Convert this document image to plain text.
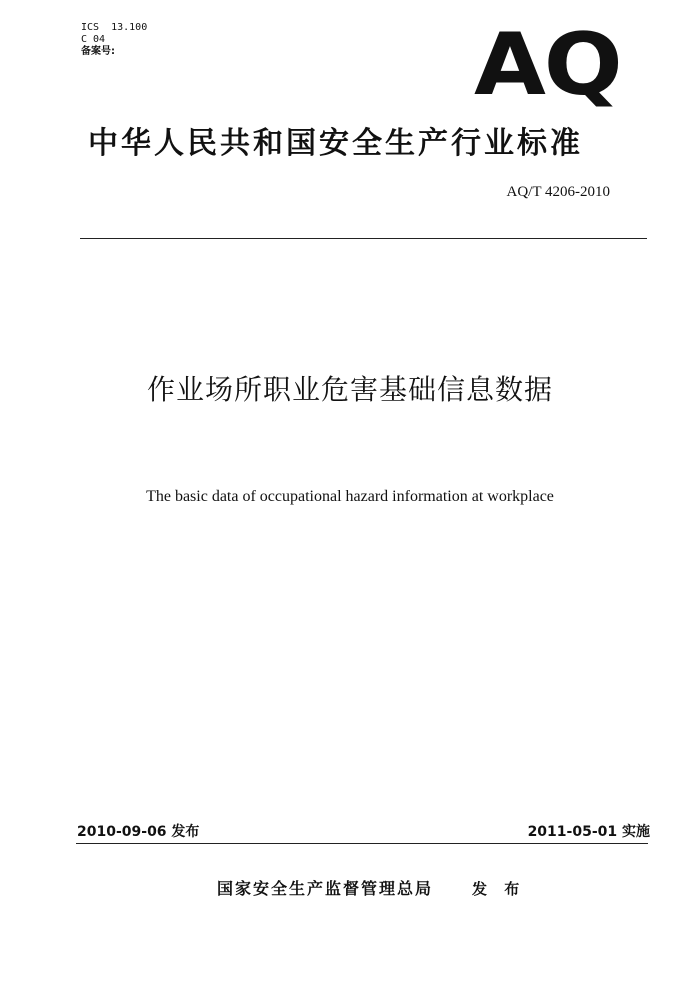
ICS  13.100
C 04
备案号:	AQ
中华人民共和国安全生产行业标准
AQ/T 4206-2010
作业场所职业危害基础信息数据
The basic data of occupational hazard information at workplace
2010-09-06 发布	2011-05-01 实施
国家安全生产监督管理总局	发 布
